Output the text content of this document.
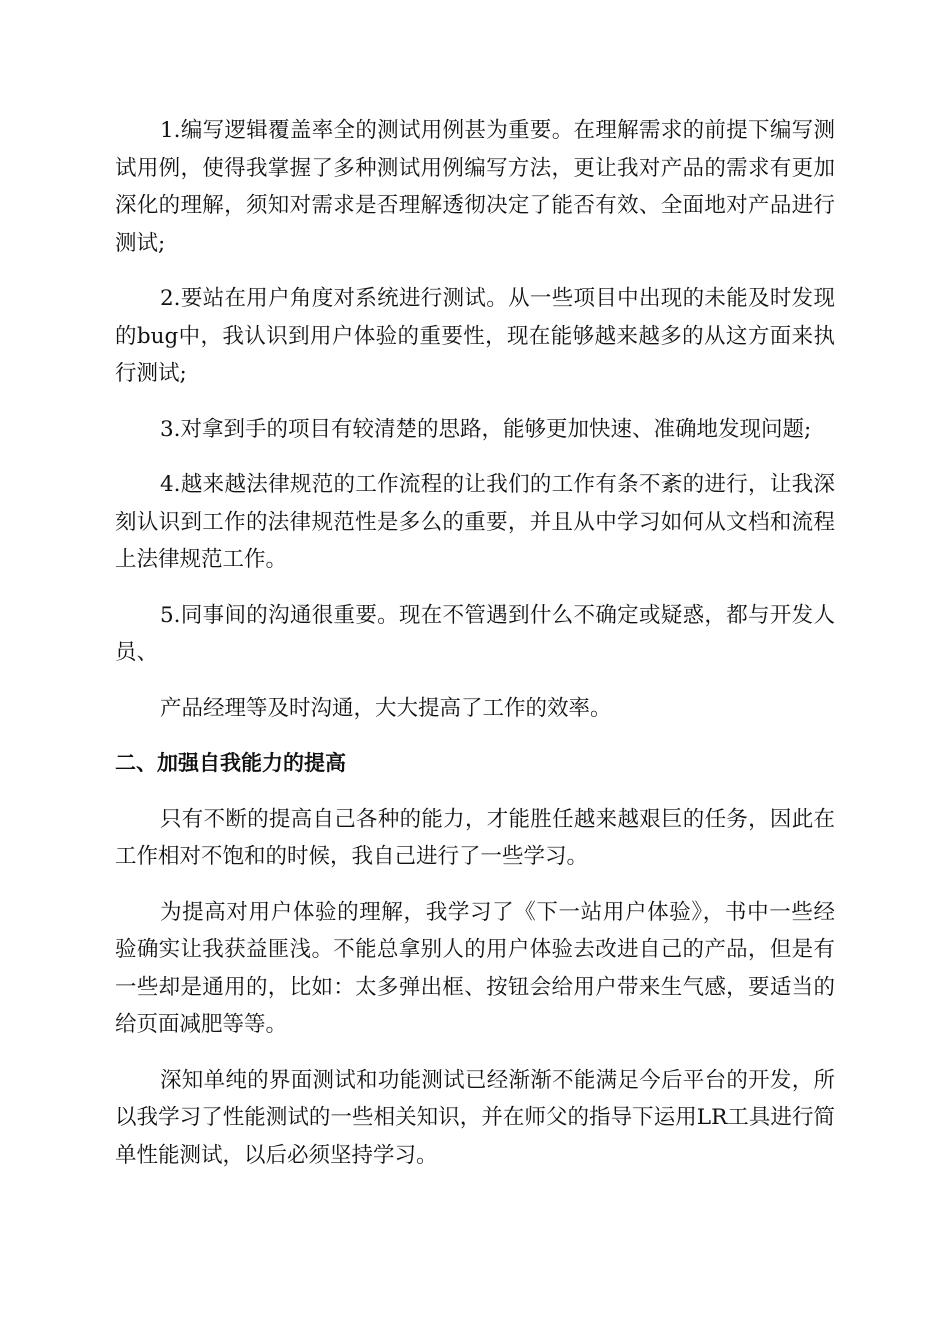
1.编写逻辑覆盖率全的测试用例甚为重要。在理解需求的前提下编写测试用例，使得我掌握了多种测试用例编写方法，更让我对产品的需求有更加深化的理解，须知对需求是否理解透彻决定了能否有效、全面地对产品进行测试;

2.要站在用户角度对系统进行测试。从一些项目中出现的未能及时发现的bug中，我认识到用户体验的重要性，现在能够越来越多的从这方面来执行测试;

3.对拿到手的项目有较清楚的思路，能够更加快速、准确地发现问题;

4.越来越法律规范的工作流程的让我们的工作有条不紊的进行，让我深刻认识到工作的法律规范性是多么的重要，并且从中学习如何从文档和流程上法律规范工作。

5.同事间的沟通很重要。现在不管遇到什么不确定或疑惑，都与开发人员、

产品经理等及时沟通，大大提高了工作的效率。

二、加强自我能力的提高

只有不断的提高自己各种的能力，才能胜任越来越艰巨的任务，因此在工作相对不饱和的时候，我自己进行了一些学习。

为提高对用户体验的理解，我学习了《下一站用户体验》，书中一些经验确实让我获益匪浅。不能总拿别人的用户体验去改进自己的产品，但是有一些却是通用的，比如：太多弹出框、按钮会给用户带来生气感，要适当的给页面减肥等等。

深知单纯的界面测试和功能测试已经渐渐不能满足今后平台的开发，所以我学习了性能测试的一些相关知识，并在师父的指导下运用LR工具进行简单性能测试，以后必须坚持学习。
